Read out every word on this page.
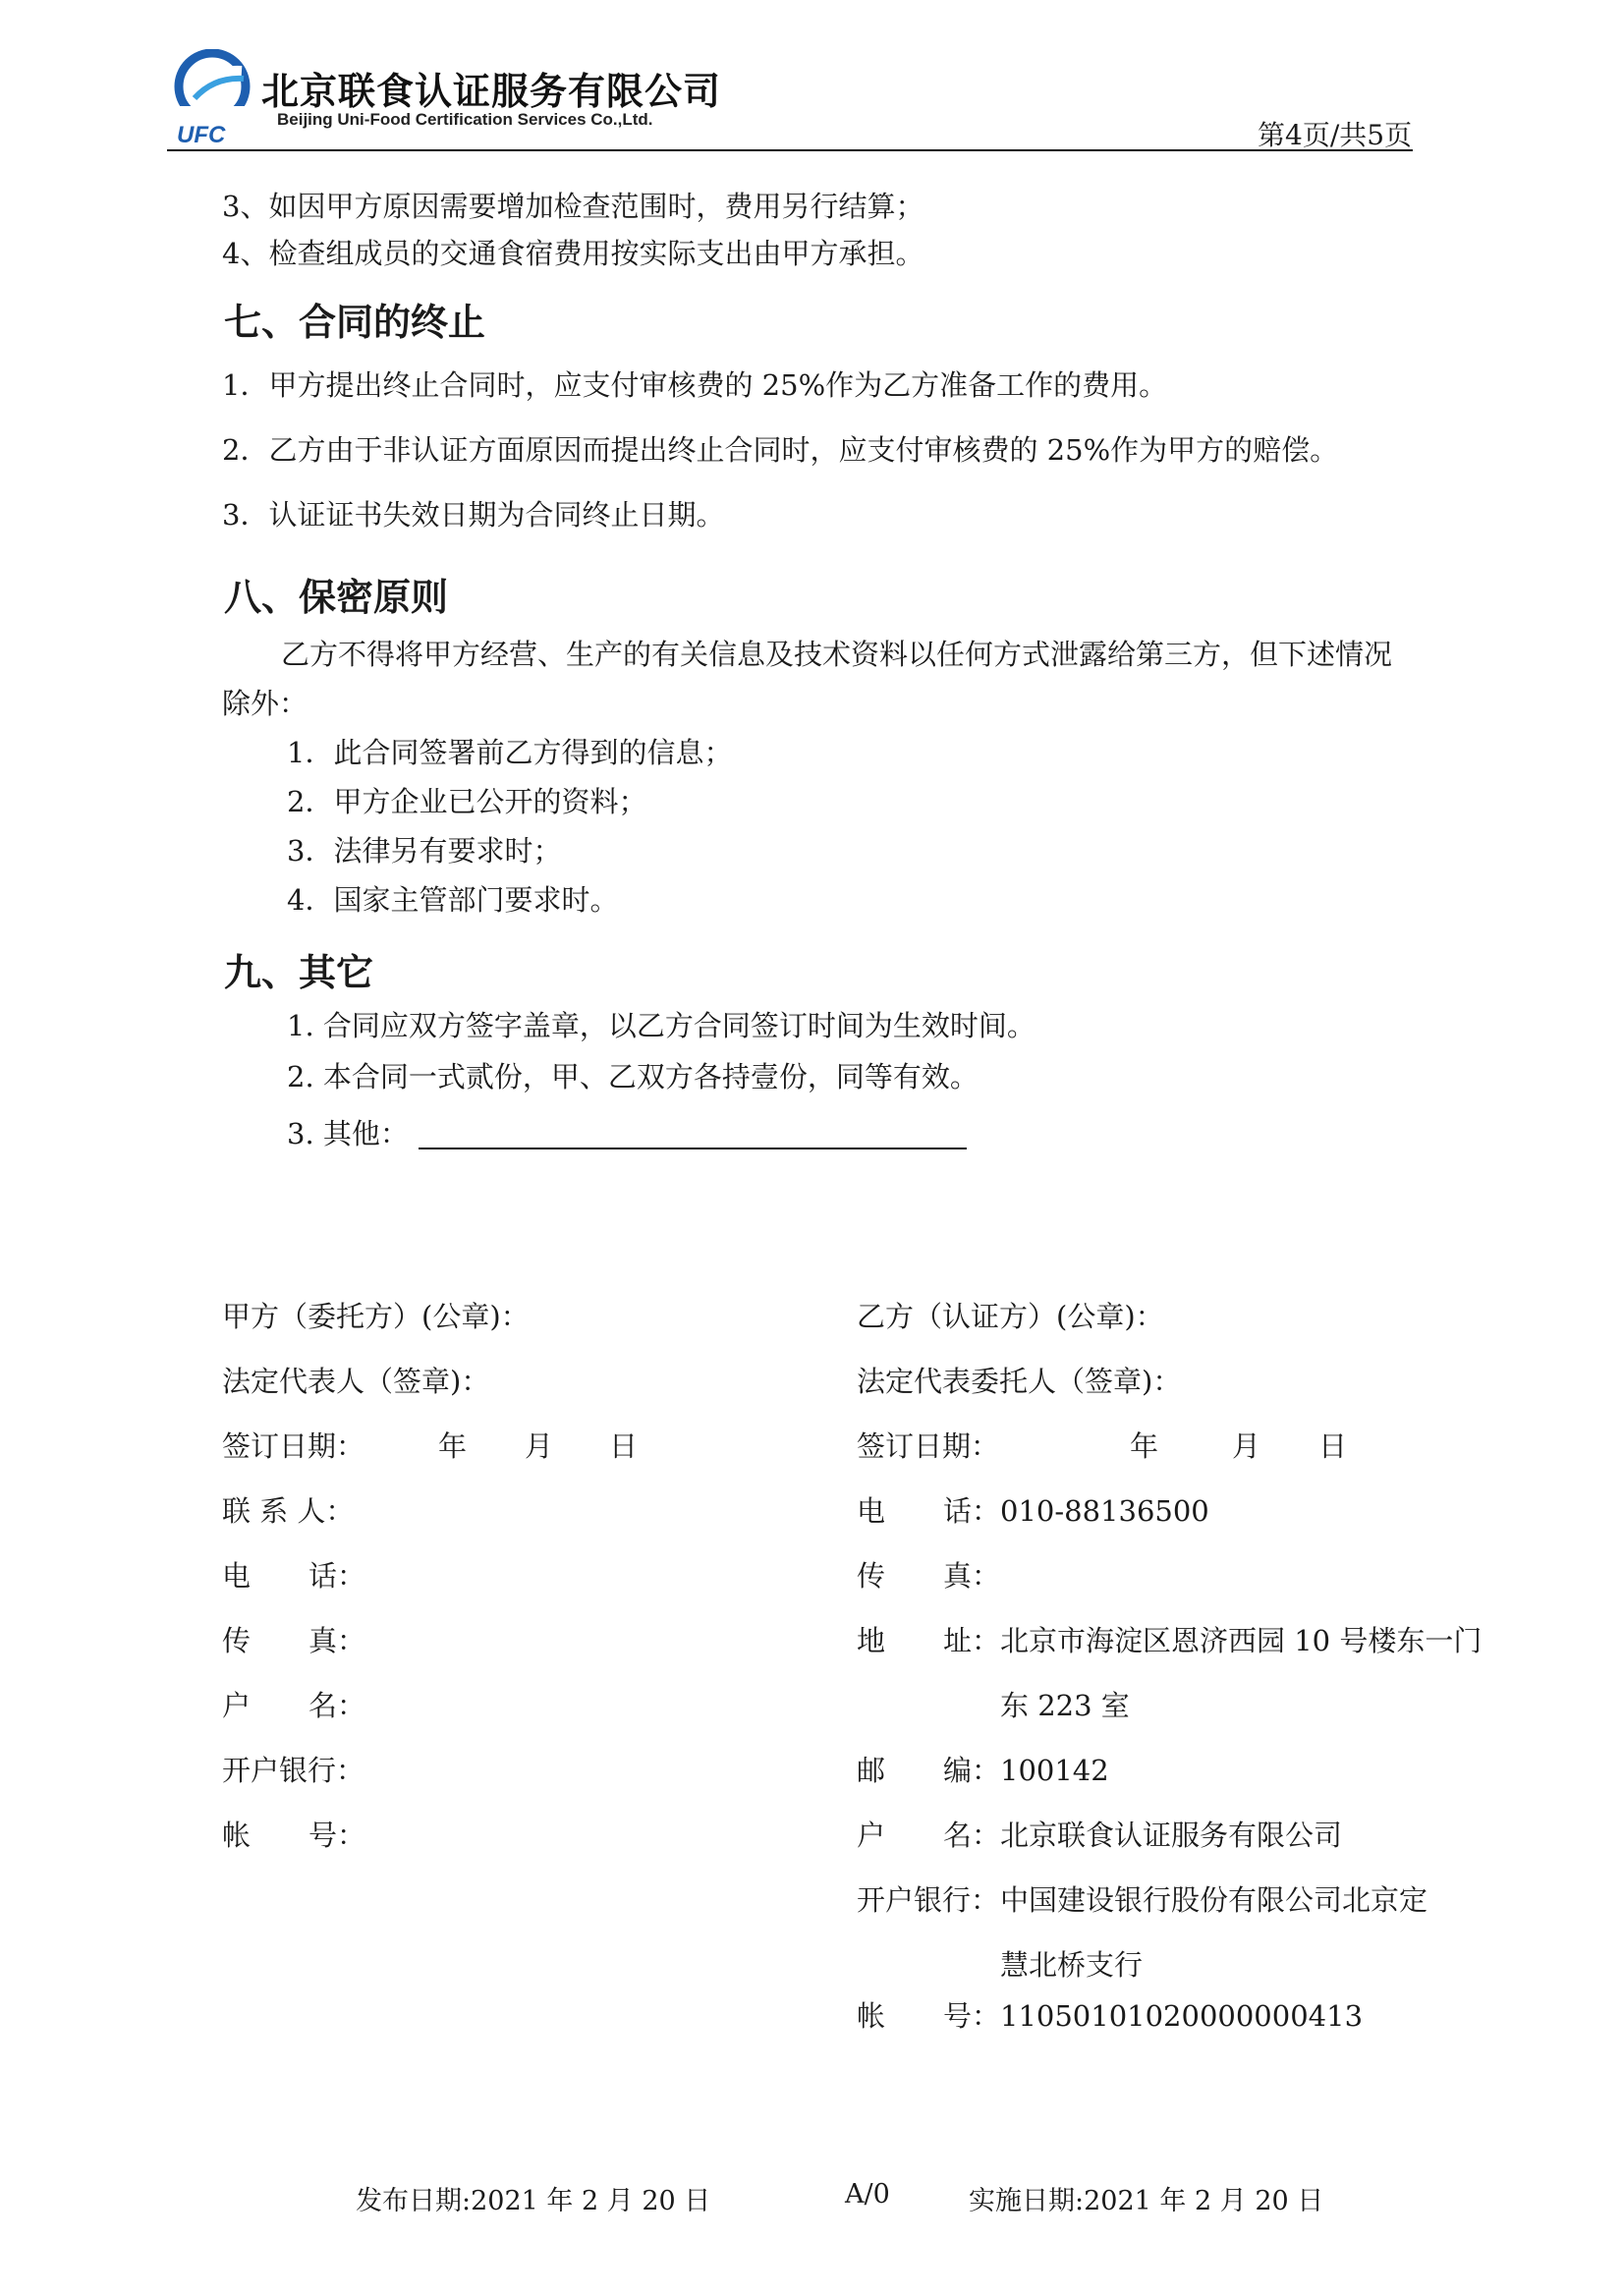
UFC
北京联食认证服务有限公司
Beijing Uni-Food Certification Services Co.,Ltd.	第4页/共5页
3、如因甲方原因需要增加检查范围时，费用另行结算；
4、检查组成员的交通食宿费用按实际支出由甲方承担。
七、合同的终止
1．甲方提出终止合同时，应支付审核费的 25%作为乙方准备工作的费用。
2．乙方由于非认证方面原因而提出终止合同时，应支付审核费的 25%作为甲方的赔偿。
3．认证证书失效日期为合同终止日期。
八、保密原则
乙方不得将甲方经营、生产的有关信息及技术资料以任何方式泄露给第三方，但下述情况
除外：
1．此合同签署前乙方得到的信息；
2．甲方企业已公开的资料；
3．法律另有要求时；
4．国家主管部门要求时。
九、其它
1. 合同应双方签字盖章，以乙方合同签订时间为生效时间。
2. 本合同一式贰份，甲、乙双方各持壹份，同等有效。
3. 其他：
甲方（委托方）(公章)：
法定代表人（签章)：
签订日期：	年 月 日
联 系 人：
电 话：
传 真：
户 名：
开户银行：
帐 号：
乙方（认证方）(公章)：
法定代表委托人（签章)：
签订日期：	年	月 日
电 话： 010-88136500
传 真：
地 址： 北京市海淀区恩济西园 10 号楼东一门
东 223 室
邮 编： 100142
户 名： 北京联食认证服务有限公司
开户银行： 中国建设银行股份有限公司北京定
慧北桥支行
帐 号： 11050101020000000413
发布日期:2021 年 2 月 20 日	A/0	实施日期:2021 年 2 月 20 日
